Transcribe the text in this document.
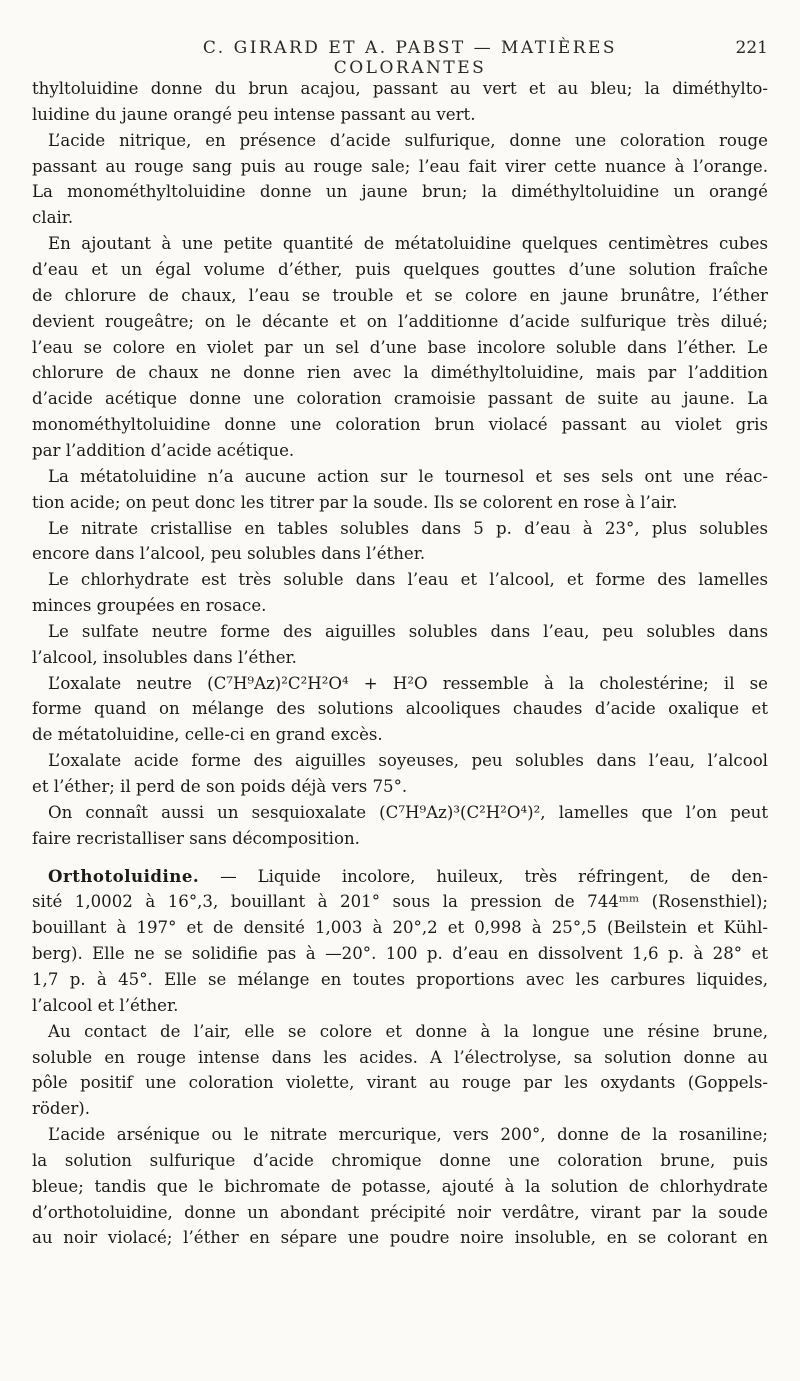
C. GIRARD ET A. PABST — MATIÈRES COLORANTES
221
thyltoluidine donne du brun acajou, passant au vert et au bleu; la diméthylto-
luidine du jaune orangé peu intense passant au vert.
L’acide nitrique, en présence d’acide sulfurique, donne une coloration rouge
passant au rouge sang puis au rouge sale; l’eau fait virer cette nuance à l’orange.
La monométhyltoluidine donne un jaune brun; la diméthyltoluidine un orangé
clair.
En ajoutant à une petite quantité de métatoluidine quelques centimètres cubes
d’eau et un égal volume d’éther, puis quelques gouttes d’une solution fraîche
de chlorure de chaux, l’eau se trouble et se colore en jaune brunâtre, l’éther
devient rougeâtre; on le décante et on l’additionne d’acide sulfurique très dilué;
l’eau se colore en violet par un sel d’une base incolore soluble dans l’éther. Le
chlorure de chaux ne donne rien avec la diméthyltoluidine, mais par l’addition
d’acide acétique donne une coloration cramoisie passant de suite au jaune. La
monométhyltoluidine donne une coloration brun violacé passant au violet gris
par l’addition d’acide acétique.
La métatoluidine n’a aucune action sur le tournesol et ses sels ont une réac-
tion acide; on peut donc les titrer par la soude. Ils se colorent en rose à l’air.
Le nitrate cristallise en tables solubles dans 5 p. d’eau à 23°, plus solubles
encore dans l’alcool, peu solubles dans l’éther.
Le chlorhydrate est très soluble dans l’eau et l’alcool, et forme des lamelles
minces groupées en rosace.
Le sulfate neutre forme des aiguilles solubles dans l’eau, peu solubles dans
l’alcool, insolubles dans l’éther.
L’oxalate neutre (C⁷H⁹Az)²C²H²O⁴ + H²O ressemble à la cholestérine; il se
forme quand on mélange des solutions alcooliques chaudes d’acide oxalique et
de métatoluidine, celle-ci en grand excès.
L’oxalate acide forme des aiguilles soyeuses, peu solubles dans l’eau, l’alcool
et l’éther; il perd de son poids déjà vers 75°.
On connaît aussi un sesquioxalate (C⁷H⁹Az)³(C²H²O⁴)², lamelles que l’on peut
faire recristalliser sans décomposition.
Orthotoluidine. — Liquide incolore, huileux, très réfringent, de den-
sité 1,0002 à 16°,3, bouillant à 201° sous la pression de 744ᵐᵐ (Rosensthiel);
bouillant à 197° et de densité 1,003 à 20°,2 et 0,998 à 25°,5 (Beilstein et Kühl-
berg). Elle ne se solidifie pas à —20°. 100 p. d’eau en dissolvent 1,6 p. à 28° et
1,7 p. à 45°. Elle se mélange en toutes proportions avec les carbures liquides,
l’alcool et l’éther.
Au contact de l’air, elle se colore et donne à la longue une résine brune,
soluble en rouge intense dans les acides. A l’électrolyse, sa solution donne au
pôle positif une coloration violette, virant au rouge par les oxydants (Goppels-
röder).
L’acide arsénique ou le nitrate mercurique, vers 200°, donne de la rosaniline;
la solution sulfurique d’acide chromique donne une coloration brune, puis
bleue; tandis que le bichromate de potasse, ajouté à la solution de chlorhydrate
d’orthotoluidine, donne un abondant précipité noir verdâtre, virant par la soude
au noir violacé; l’éther en sépare une poudre noire insoluble, en se colorant en
